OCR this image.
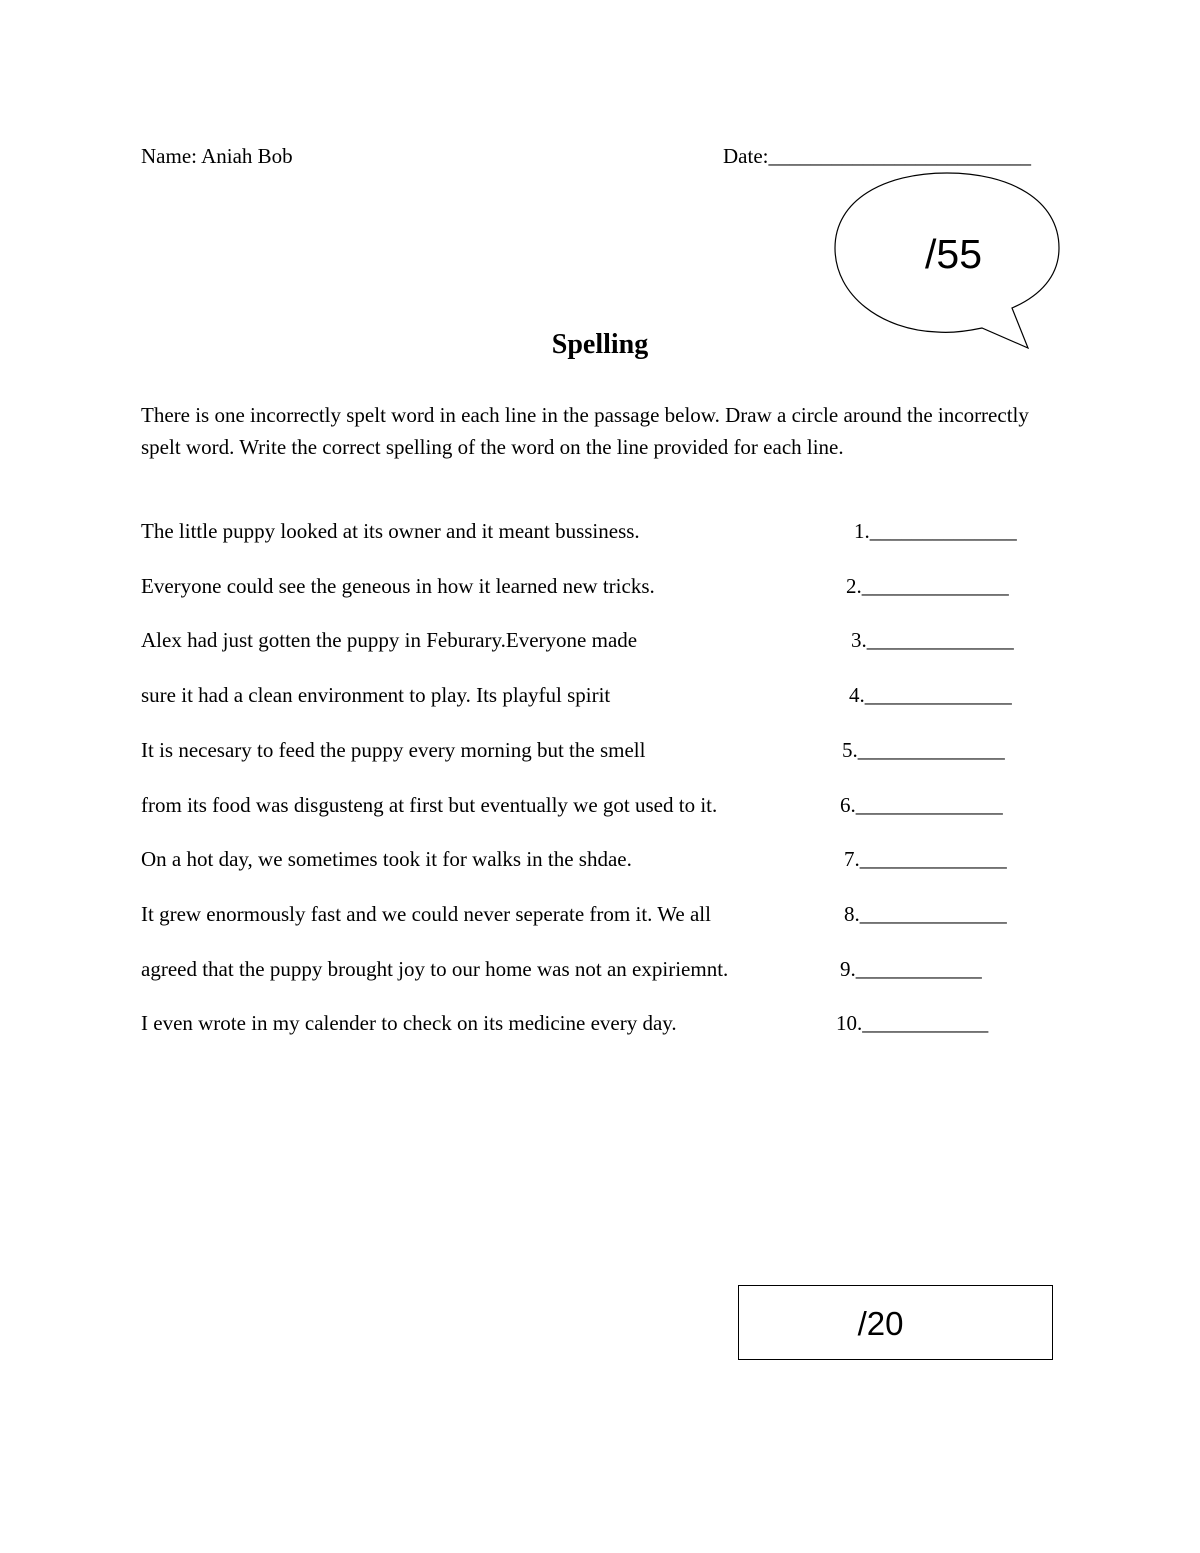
Name: Aniah Bob	Date:_________________________
/55
Spelling
There is one incorrectly spelt word in each line in the passage below. Draw a circle around the incorrectly spelt word. Write the correct spelling of the word on the line provided for each line.
The little puppy looked at its owner and it meant bussiness.	1.______________
Everyone could see the geneous in how it learned new tricks.	2.______________
Alex had just gotten the puppy in Feburary.Everyone made	3.______________
sure it had a clean environment to play. Its playful spirit	4.______________
It is necesary to feed the puppy every morning but the smell	5.______________
from its food was disgusteng at first but eventually we got used to it.	6.______________
On a hot day, we sometimes took it for walks in the shdae.	7.______________
It grew enormously fast and we could never seperate from it. We all	8.______________
agreed that the puppy brought joy to our home was not an expiriemnt.	9.____________
I even wrote in my calender to check on its medicine every day.	10.____________
/20
